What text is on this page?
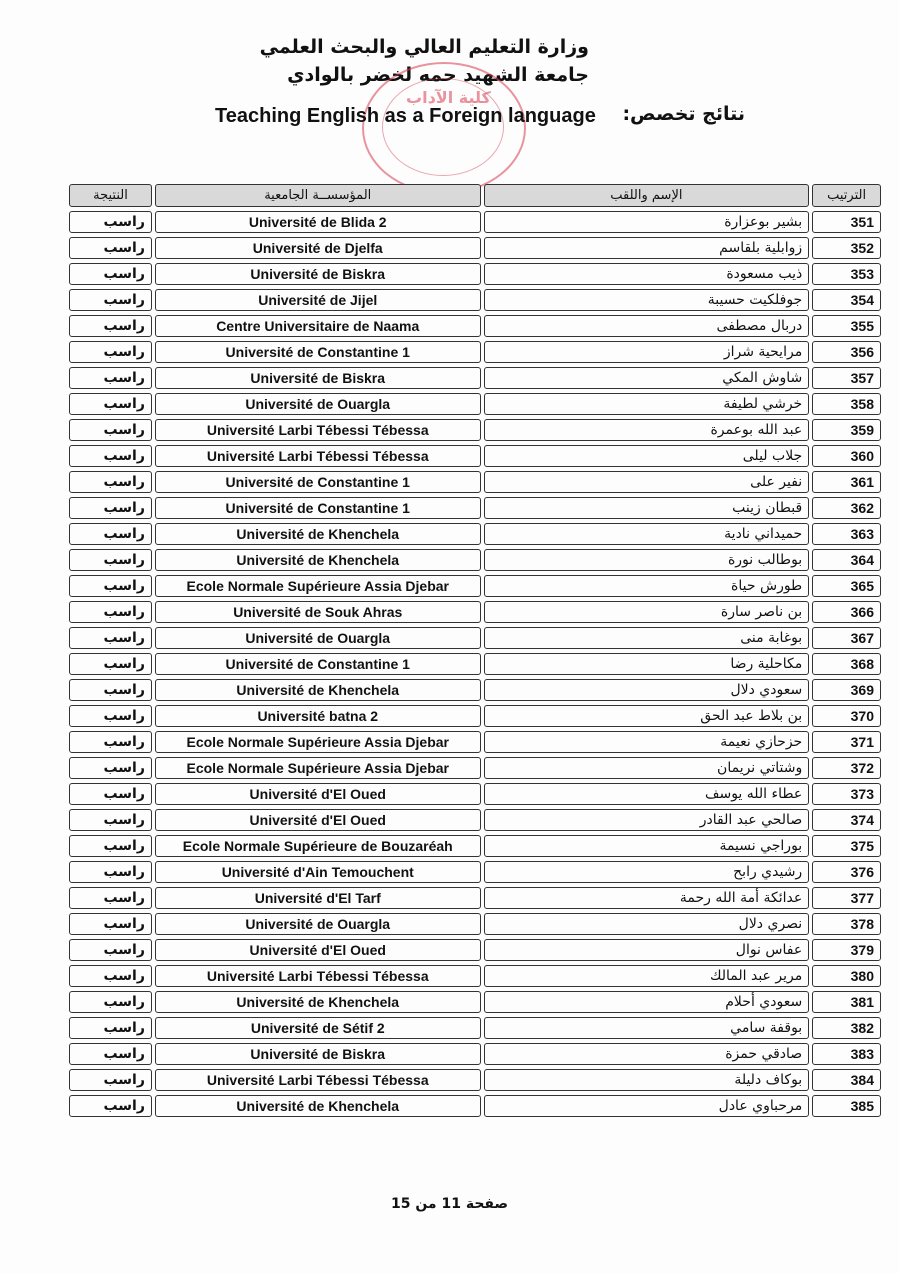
وزارة التعليم العالي والبحث العلمي
جامعة الشهيد حمه لخضر بالوادي
كلية الآداب
Teaching English as a Foreign language نتائج تخصص:
النتيجة	المؤسســة الجامعية	الإسم واللقب	الترتيب
راسب	Université de Blida 2	بشير بوعزارة	351
راسب	Université de Djelfa	زوابلية بلقاسم	352
راسب	Université de Biskra	ذيب مسعودة	353
راسب	Université de Jijel	جوفلكيت حسيبة	354
راسب	Centre Universitaire de Naama	دربال مصطفى	355
راسب	Université de Constantine 1	مرايحية شراز	356
راسب	Université de Biskra	شاوش المكي	357
راسب	Université de Ouargla	خرشي لطيفة	358
راسب	Université Larbi Tébessi Tébessa	عبد الله بوعمرة	359
راسب	Université Larbi Tébessi Tébessa	جلاب ليلى	360
راسب	Université de Constantine 1	نفير على	361
راسب	Université de Constantine 1	قبطان زينب	362
راسب	Université de Khenchela	حميداني نادية	363
راسب	Université de Khenchela	بوطالب نورة	364
راسب	Ecole Normale Supérieure Assia Djebar	طورش حياة	365
راسب	Université de Souk Ahras	بن ناصر سارة	366
راسب	Université de Ouargla	بوغابة منى	367
راسب	Université de Constantine 1	مكاحلية رضا	368
راسب	Université de Khenchela	سعودي دلال	369
راسب	Université batna 2	بن بلاط عبد الحق	370
راسب	Ecole Normale Supérieure Assia Djebar	حزحازي نعيمة	371
راسب	Ecole Normale Supérieure Assia Djebar	وشتاتي نريمان	372
راسب	Université d'El Oued	عطاء الله يوسف	373
راسب	Université d'El Oued	صالحي عبد القادر	374
راسب	Ecole Normale Supérieure de Bouzaréah	بوراجي نسيمة	375
راسب	Université d'Ain Temouchent	رشيدي رابح	376
راسب	Université d'El Tarf	عدائكة أمة الله رحمة	377
راسب	Université de Ouargla	نصري دلال	378
راسب	Université d'El Oued	عفاس نوال	379
راسب	Université Larbi Tébessi Tébessa	مرير عبد المالك	380
راسب	Université de Khenchela	سعودي أحلام	381
راسب	Université de Sétif 2	بوقفة سامي	382
راسب	Université de Biskra	صادقي حمزة	383
راسب	Université Larbi Tébessi Tébessa	بوكاف دليلة	384
راسب	Université de Khenchela	مرحباوي عادل	385
صفحة 11 من 15
